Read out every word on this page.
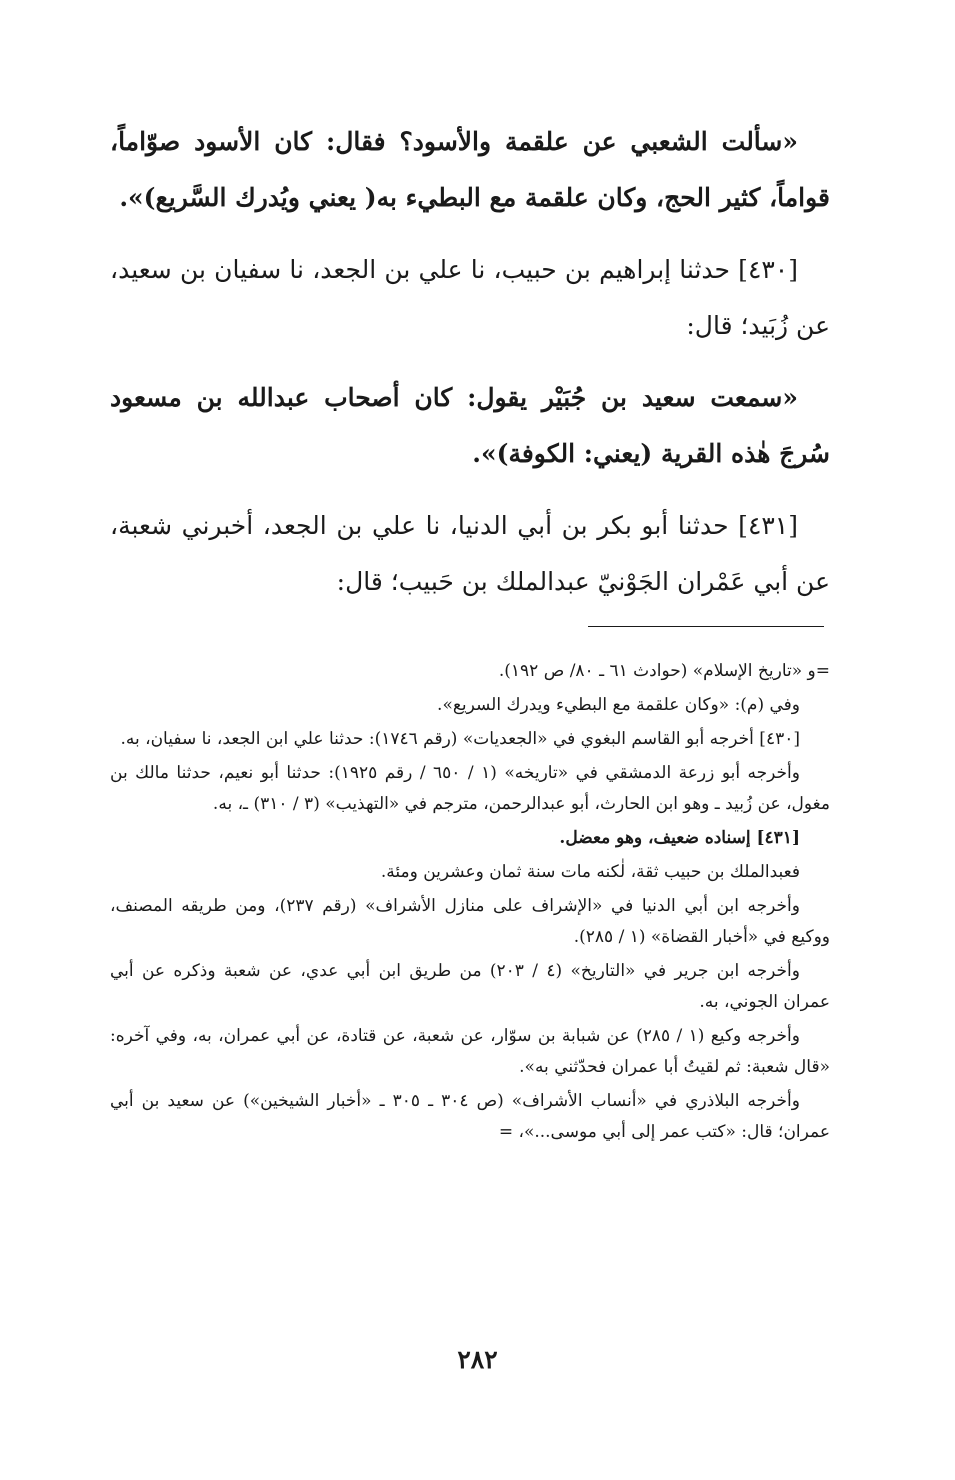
«سألت الشعبي عن علقمة والأسود؟ فقال: كان الأسود صوّاماً، قواماً، كثير الحج، وكان علقمة مع البطيء به( يعني ويُدرك السَّريع)».

[٤٣٠] حدثنا إبراهيم بن حبيب، نا علي بن الجعد، نا سفيان بن سعيد، عن زُبَيد؛ قال:

«سمعت سعيد بن جُبَيْر يقول: كان أصحاب عبدالله بن مسعود سُرجَ هٰذه القرية (يعني: الكوفة)».

[٤٣١] حدثنا أبو بكر بن أبي الدنيا، نا علي بن الجعد، أخبرني شعبة، عن أبي عَمْران الجَوْنيّ عبدالملك بن حَبيب؛ قال:

=و «تاريخ الإسلام» (حوادث ٦١ ـ ٨٠/ ص ١٩٢).

وفي (م): «وكان علقمة مع البطيء ويدرك السريع».

[٤٣٠] أخرجه أبو القاسم البغوي في «الجعديات» (رقم ١٧٤٦): حدثنا علي ابن الجعد، نا سفيان، به.

وأخرجه أبو زرعة الدمشقي في «تاريخه» (١ / ٦٥٠ / رقم ١٩٢٥): حدثنا أبو نعيم، حدثنا مالك بن مغول، عن زُبيد ـ وهو ابن الحارث، أبو عبدالرحمن، مترجم في «التهذيب» (٣ / ٣١٠) ـ، به.

[٤٣١] إسناده ضعيف، وهو معضل.

فعبدالملك بن حبيب ثقة، لٰكنه مات سنة ثمان وعشرين ومئة.

وأخرجه ابن أبي الدنيا في «الإشراف على منازل الأشراف» (رقم ٢٣٧)، ومن طريقه المصنف، ووكيع في «أخبار القضاة» (١ / ٢٨٥).

وأخرجه ابن جرير في «التاريخ» (٤ / ٢٠٣) من طريق ابن أبي عدي، عن شعبة وذكره عن أبي عمران الجوني، به.

وأخرجه وكيع (١ / ٢٨٥) عن شبابة بن سوّار، عن شعبة، عن قتادة، عن أبي عمران، به، وفي آخره: «قال شعبة: ثم لقيتُ أبا عمران فحدّثني به».

وأخرجه البلاذري في «أنساب الأشراف» (ص ٣٠٤ ـ ٣٠٥ ـ «أخبار الشيخين») عن سعيد بن أبي عمران؛ قال: «كتب عمر إلى أبي موسى...»، =

٢٨٢
